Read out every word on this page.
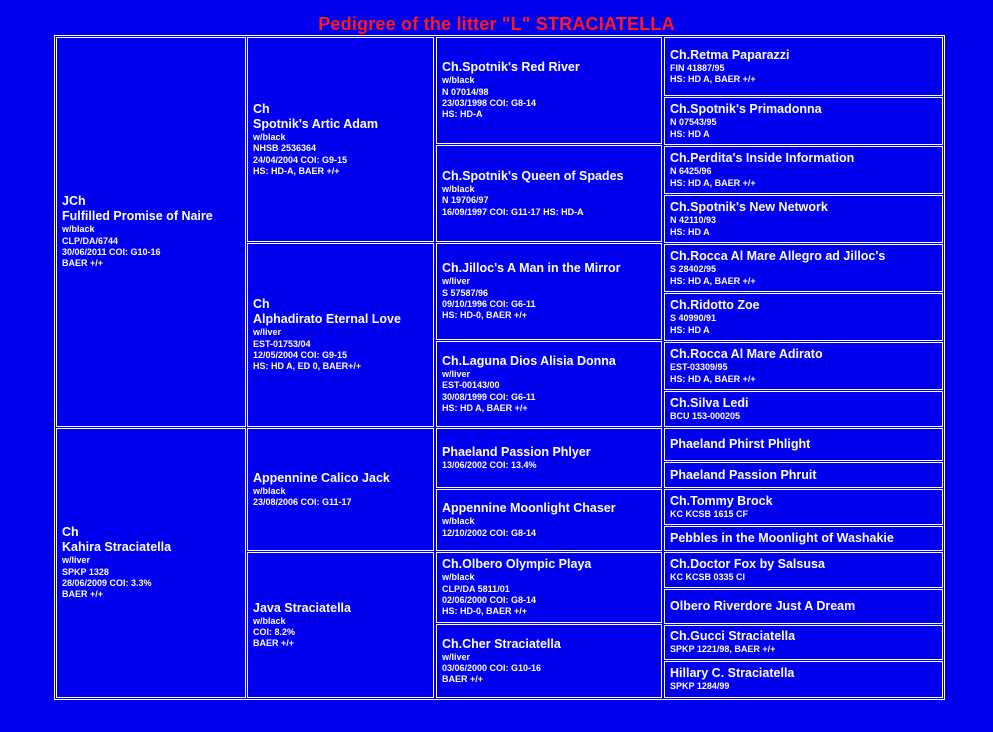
Pedigree of the litter "L" STRACIATELLA
JCh
Fulfilled Promise of Naire
w/black
CLP/DA/6744
30/06/2011 COI: G10-16
BAER +/+
Ch
Kahira Straciatella
w/liver
SPKP 1328
28/06/2009 COI: 3.3%
BAER +/+
Ch
Spotnik's Artic Adam
w/black
NHSB 2536364
24/04/2004 COI: G9-15
HS: HD-A, BAER +/+
Ch
Alphadirato Eternal Love
w/liver
EST-01753/04
12/05/2004 COI: G9-15
HS: HD A, ED 0, BAER+/+
Appennine Calico Jack
w/black
23/08/2006 COI: G11-17
Java Straciatella
w/black
COI: 8.2%
BAER +/+
Ch.Spotnik's Red River
w/black
N 07014/98
23/03/1998 COI: G8-14
HS: HD-A
Ch.Spotnik's Queen of Spades
w/black
N 19706/97
16/09/1997 COI: G11-17 HS: HD-A
Ch.Jilloc's A Man in the Mirror
w/liver
S 57587/96
09/10/1996 COI: G6-11
HS: HD-0, BAER +/+
Ch.Laguna Dios Alisia Donna
w/liver
EST-00143/00
30/08/1999 COI: G6-11
HS: HD A, BAER +/+
Phaeland Passion Phlyer
13/06/2002 COI: 13.4%
Appennine Moonlight Chaser
w/black
12/10/2002 COI: G8-14
Ch.Olbero Olympic Playa
w/black
CLP/DA 5811/01
02/06/2000 COI: G8-14
HS: HD-0, BAER +/+
Ch.Cher Straciatella
w/liver
03/06/2000 COI: G10-16
BAER +/+
Ch.Retma Paparazzi
FIN 41887/95
HS: HD A, BAER +/+
Ch.Spotnik's Primadonna
N 07543/95
HS: HD A
Ch.Perdita's Inside Information
N 6425/96
HS: HD A, BAER +/+
Ch.Spotnik's New Network
N 42110/93
HS: HD A
Ch.Rocca Al Mare Allegro ad Jilloc's
S 28402/95
HS: HD A, BAER +/+
Ch.Ridotto Zoe
S 40990/91
HS: HD A
Ch.Rocca Al Mare Adirato
EST-03309/95
HS: HD A, BAER +/+
Ch.Silva Ledi
BCU 153-000205
Phaeland Phirst Phlight
Phaeland Passion Phruit
Ch.Tommy Brock
KC KCSB 1615 CF
Pebbles in the Moonlight of Washakie
Ch.Doctor Fox by Salsusa
KC KCSB 0335 CI
Olbero Riverdore Just A Dream
Ch.Gucci Straciatella
SPKP 1221/98, BAER +/+
Hillary C. Straciatella
SPKP 1284/99
